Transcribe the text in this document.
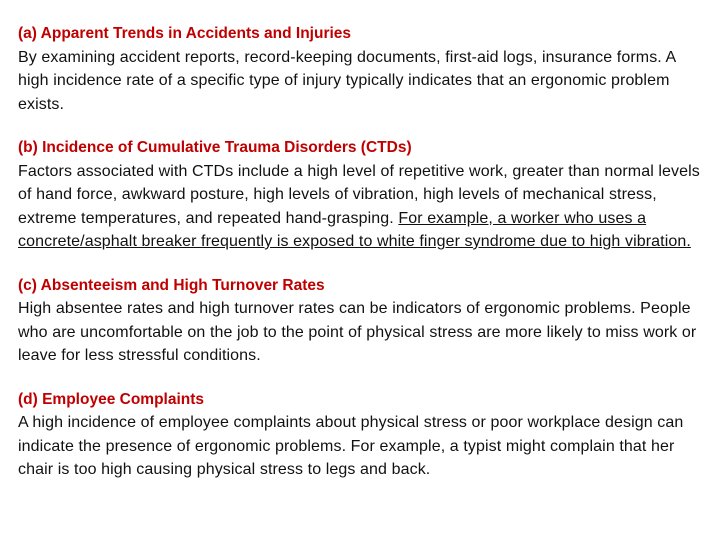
(a) Apparent Trends in Accidents and Injuries
By examining accident reports, record-keeping documents, first-aid logs, insurance forms. A high incidence rate of a specific type of injury typically indicates that an ergonomic problem exists.
(b) Incidence of Cumulative Trauma Disorders (CTDs)
Factors associated with CTDs include a high level of repetitive work, greater than normal levels of hand force, awkward posture, high levels of vibration, high levels of mechanical stress, extreme temperatures, and repeated hand-grasping. For example, a worker who uses a concrete/asphalt breaker frequently is exposed to white finger syndrome due to high vibration.
(c) Absenteeism and High Turnover Rates
High absentee rates and high turnover rates can be indicators of ergonomic problems. People who are uncomfortable on the job to the point of physical stress are more likely to miss work or leave for less stressful conditions.
(d) Employee Complaints
A high incidence of employee complaints about physical stress or poor workplace design can indicate the presence of ergonomic problems. For example, a typist might complain that her chair is too high causing physical stress to legs and back.
